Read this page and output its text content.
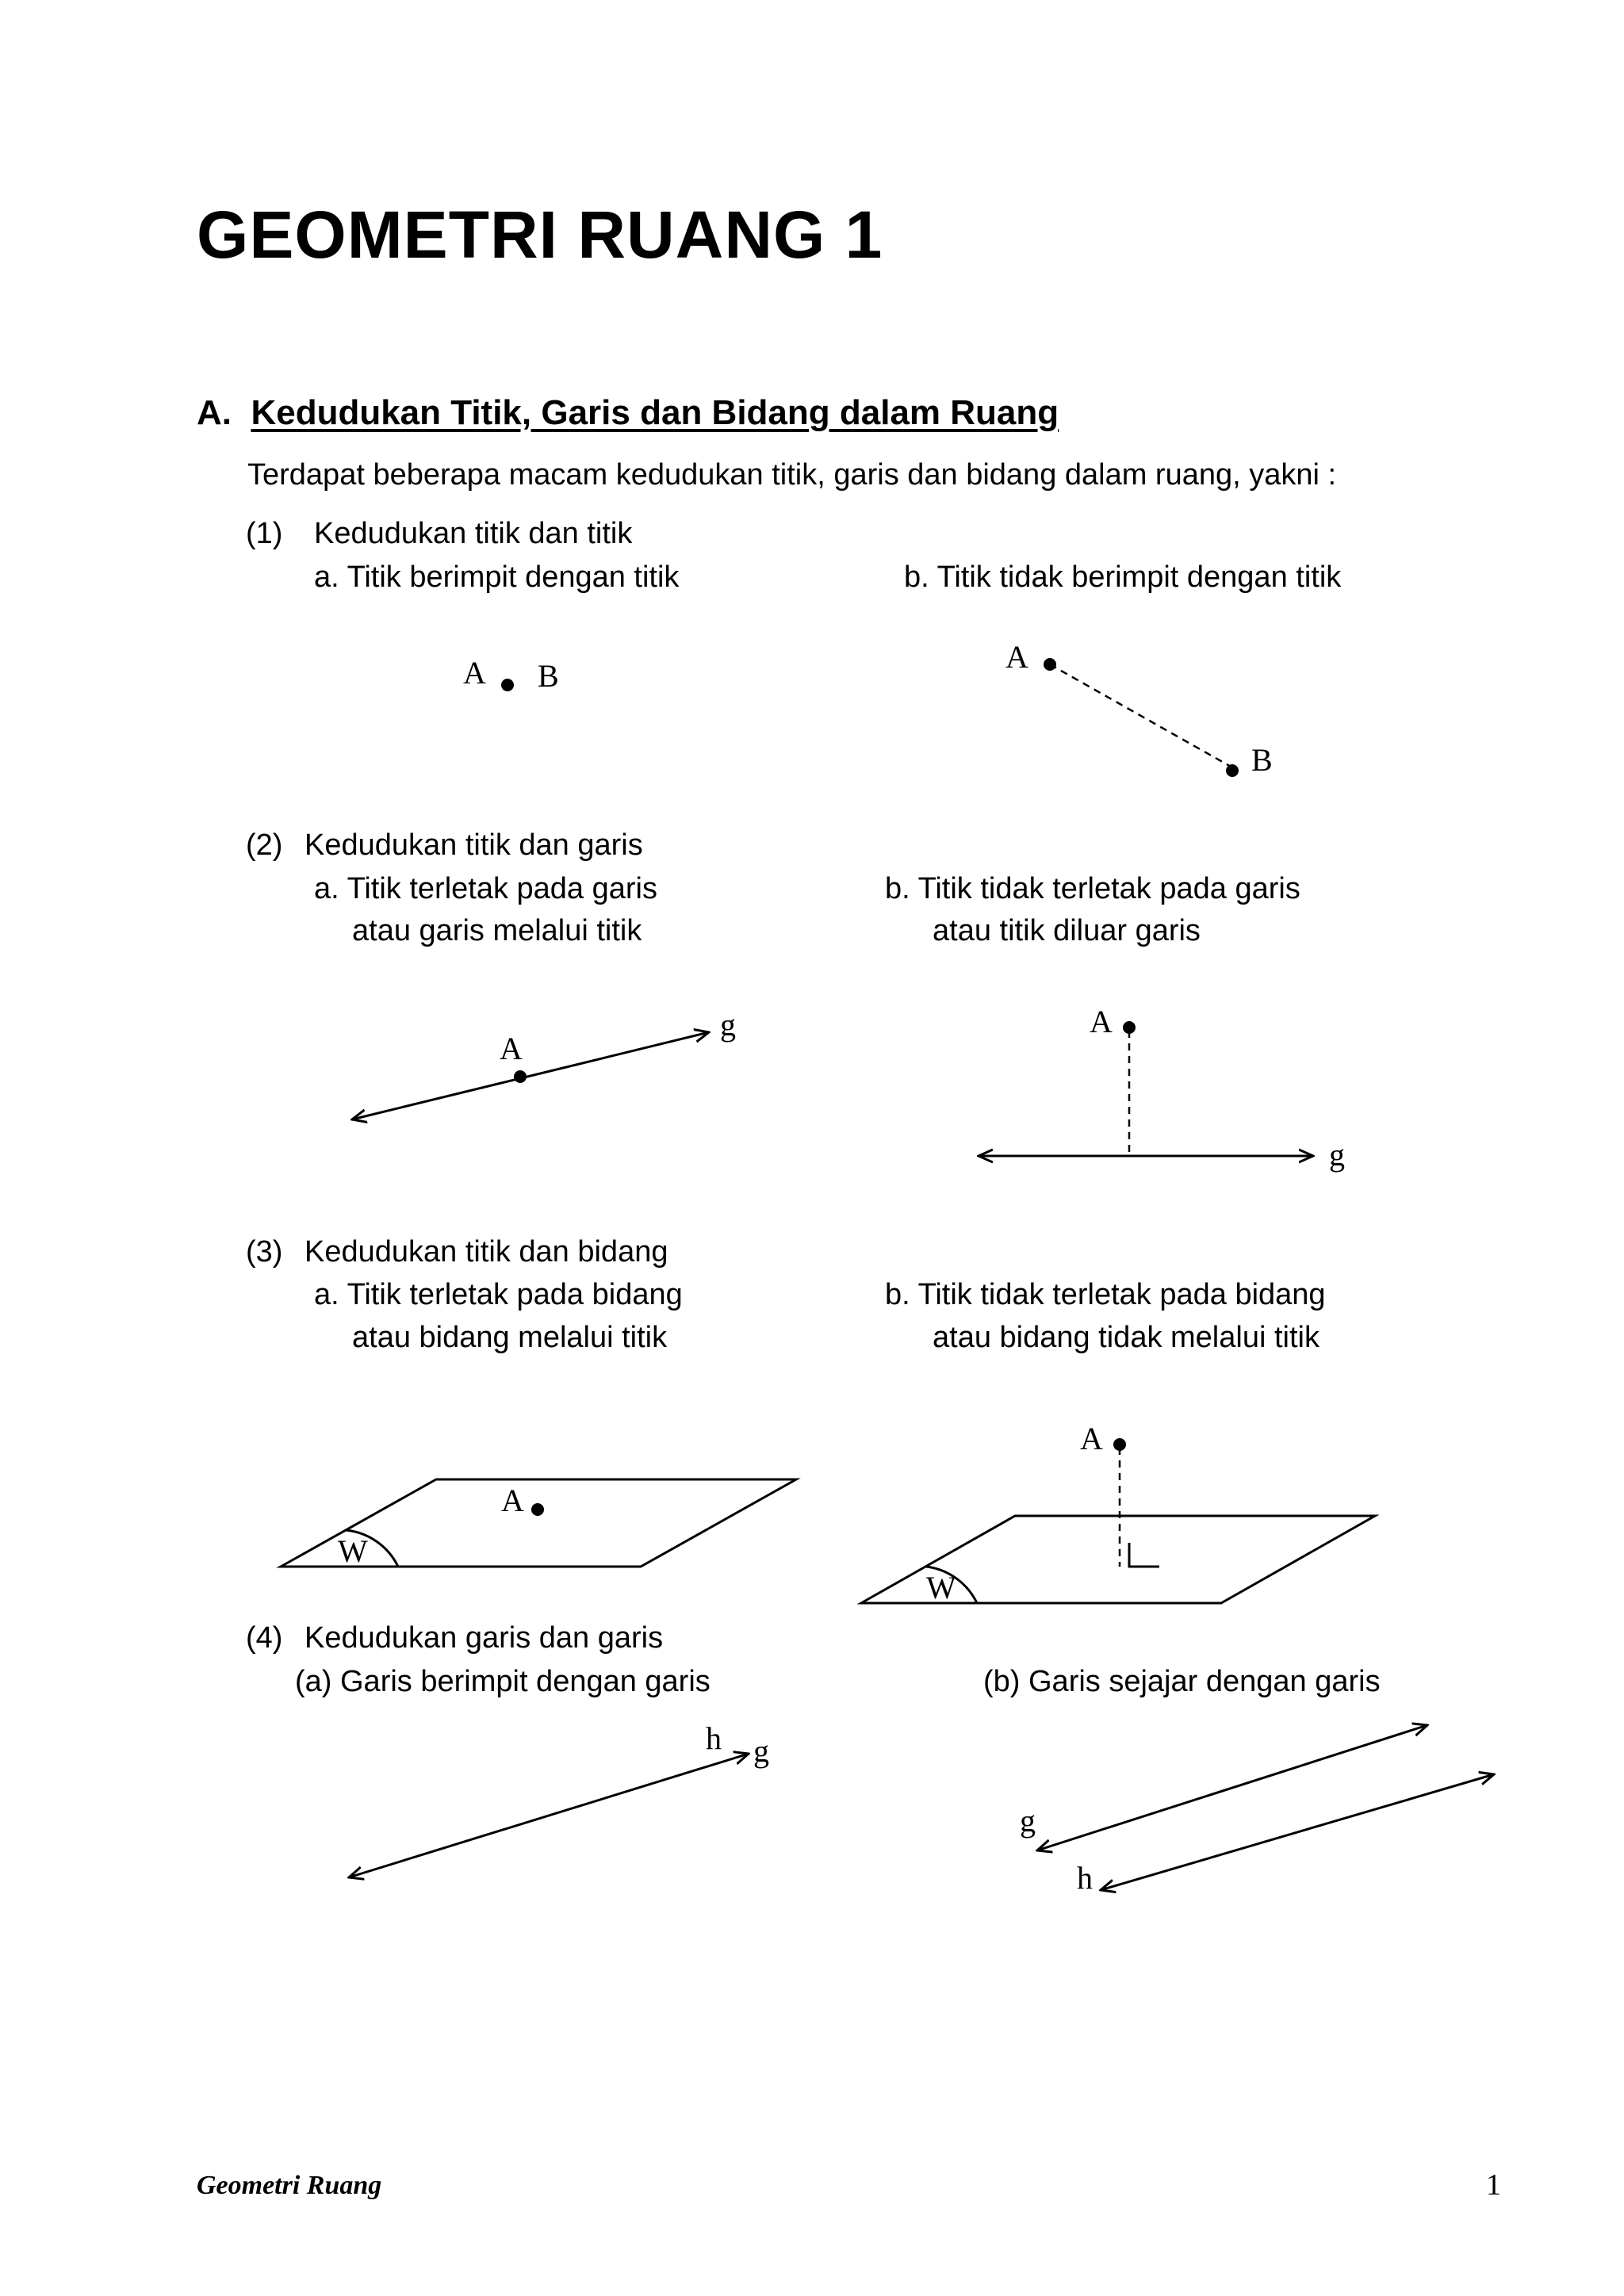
GEOMETRI RUANG 1
A. Kedudukan Titik, Garis dan Bidang dalam Ruang
Terdapat beberapa macam kedudukan titik, garis dan bidang dalam ruang, yakni :
(1) Kedudukan titik dan titik
a. Titik berimpit dengan titik	b. Titik tidak berimpit dengan titik
(2) Kedudukan titik dan garis
a. Titik terletak pada garis
atau garis melalui titik
b. Titik tidak terletak pada garis
atau titik diluar garis
(3) Kedudukan titik dan bidang
a. Titik terletak pada bidang
atau bidang melalui titik
b. Titik tidak terletak pada bidang
atau bidang tidak melalui titik
(4) Kedudukan garis dan garis
(a) Garis berimpit dengan garis	(b) Garis sejajar dengan garis
A B
A
B
A
g	A
g
W
A
W
A
h g
g
h
Geometri Ruang	1
